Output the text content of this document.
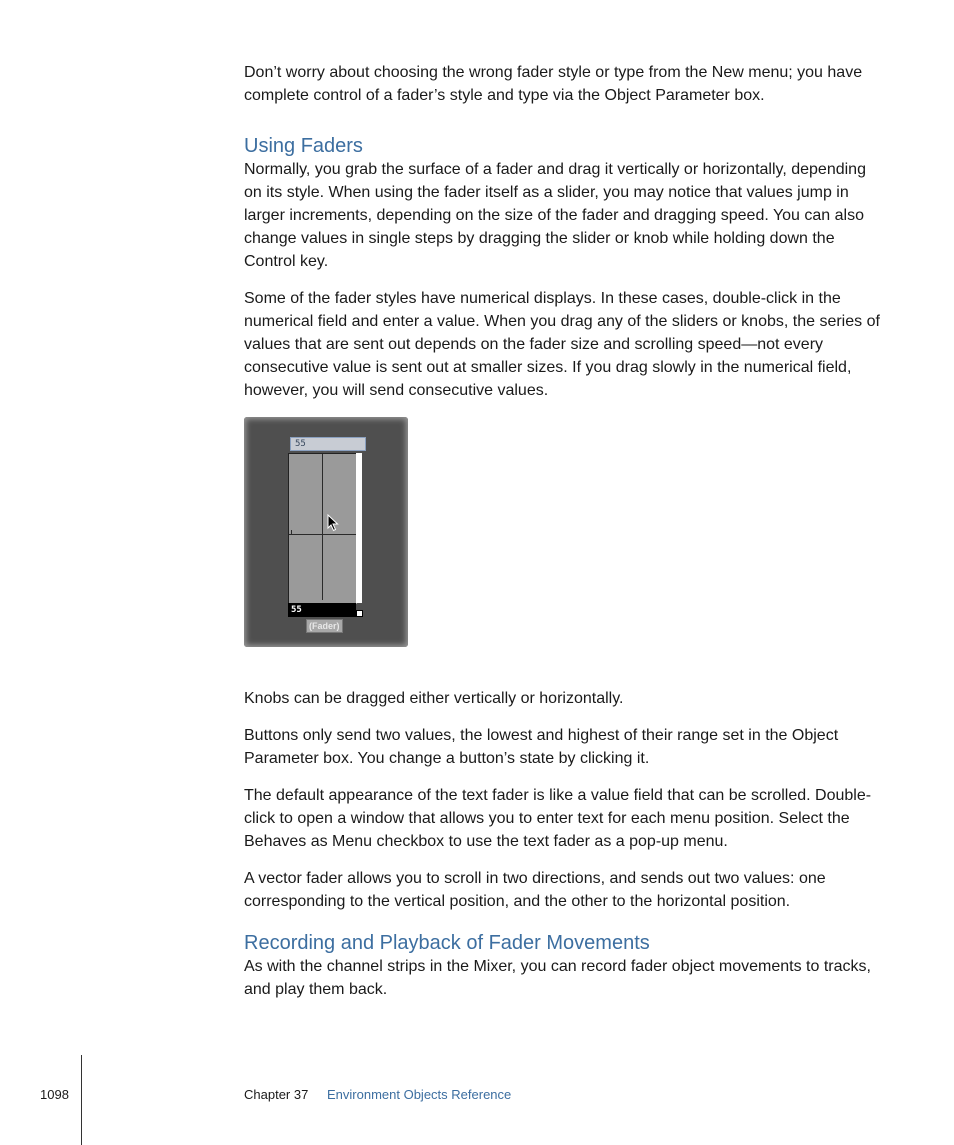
Don’t worry about choosing the wrong fader style or type from the New menu; you have complete control of a fader’s style and type via the Object Parameter box.

Using Faders

Normally, you grab the surface of a fader and drag it vertically or horizontally, depending on its style. When using the fader itself as a slider, you may notice that values jump in larger increments, depending on the size of the fader and dragging speed. You can also change values in single steps by dragging the slider or knob while holding down the Control key.

Some of the fader styles have numerical displays. In these cases, double-click in the numerical field and enter a value. When you drag any of the sliders or knobs, the series of values that are sent out depends on the fader size and scrolling speed—not every consecutive value is sent out at smaller sizes. If you drag slowly in the numerical field, however, you will send consecutive values.

Knobs can be dragged either vertically or horizontally.

Buttons only send two values, the lowest and highest of their range set in the Object Parameter box. You change a button’s state by clicking it.

The default appearance of the text fader is like a value field that can be scrolled. Double-click to open a window that allows you to enter text for each menu position. Select the Behaves as Menu checkbox to use the text fader as a pop-up menu.

A vector fader allows you to scroll in two directions, and sends out two values: one corresponding to the vertical position, and the other to the horizontal position.

Recording and Playback of Fader Movements

As with the channel strips in the Mixer, you can record fader object movements to tracks, and play them back.

55
55
(Fader)
1098	Chapter 37 Environment Objects Reference
